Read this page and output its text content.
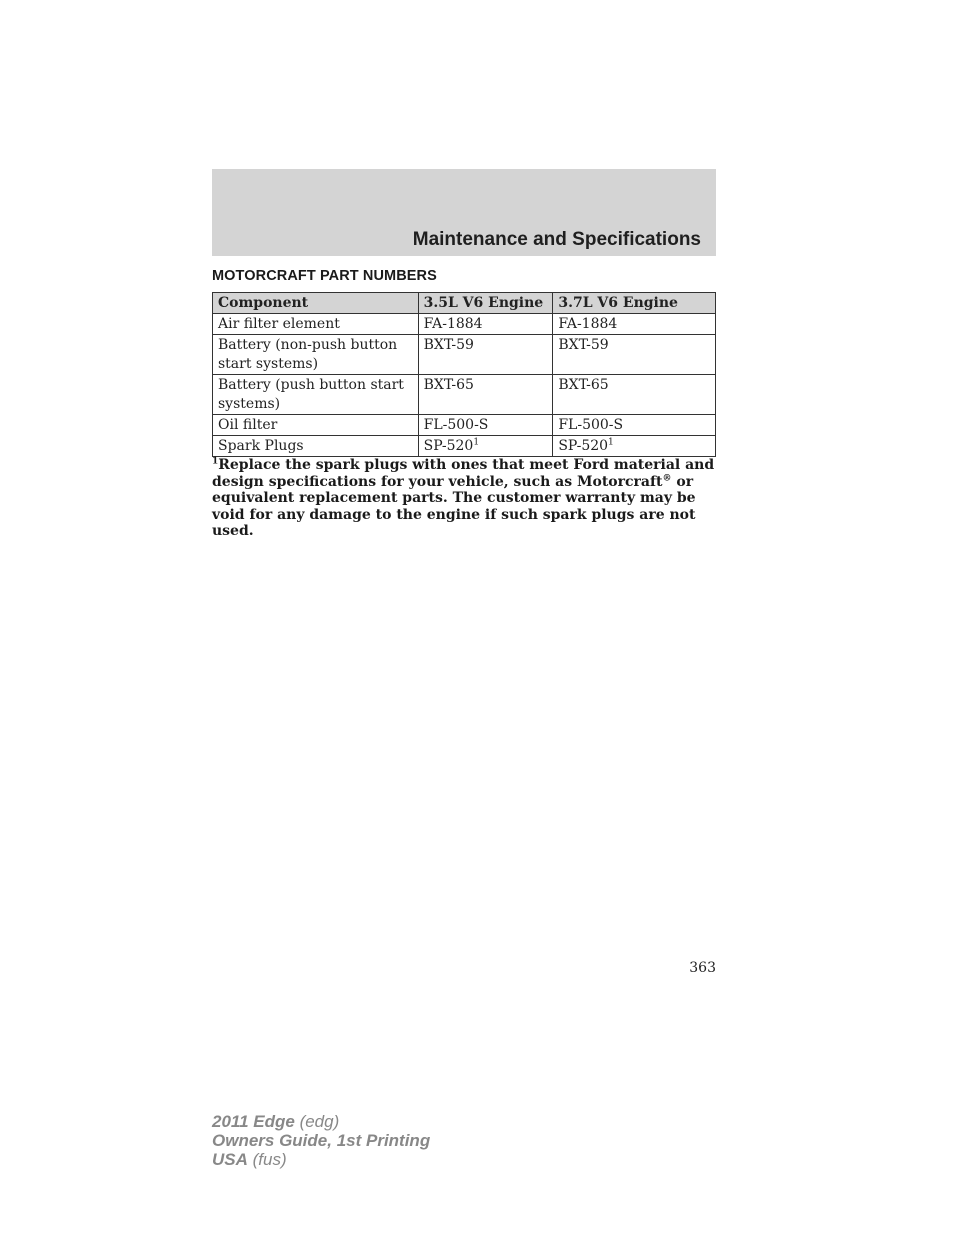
Maintenance and Specifications
MOTORCRAFT PART NUMBERS
Component	3.5L V6 Engine	3.7L V6 Engine
Air filter element	FA-1884	FA-1884
Battery (non-push button start systems)	BXT-59	BXT-59
Battery (push button start systems)	BXT-65	BXT-65
Oil filter	FL-500-S	FL-500-S
Spark Plugs	SP-520$^1$	SP-520$^1$
$^1$Replace the spark plugs with ones that meet Ford material and design specifications for your vehicle, such as Motorcraft® or equivalent replacement parts. The customer warranty may be void for any damage to the engine if such spark plugs are not used.
363
2011 Edge (edg)
Owners Guide, 1st Printing
USA (fus)
